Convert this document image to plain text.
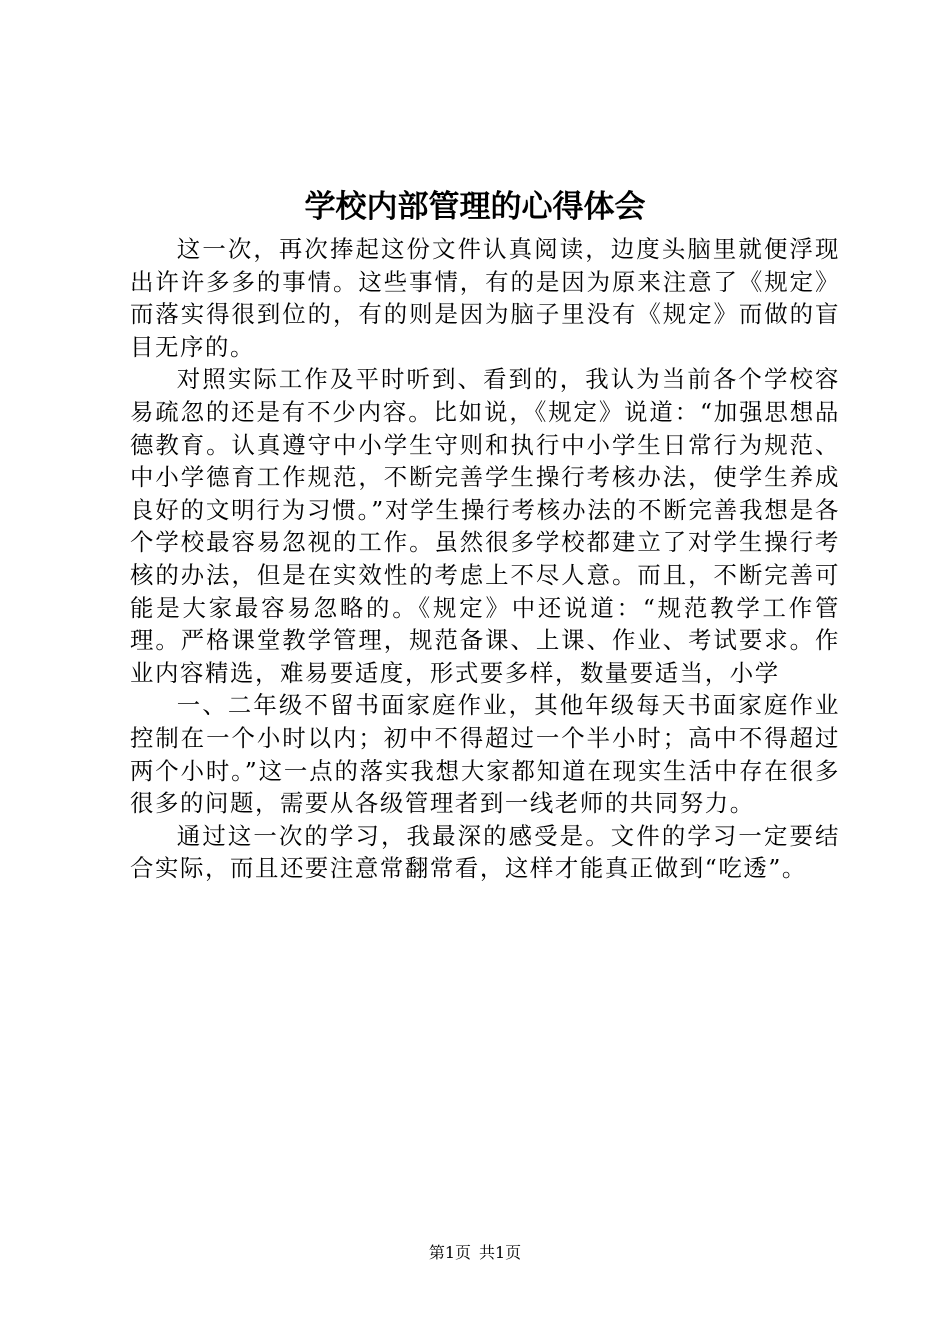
学校内部管理的心得体会

这一次，再次捧起这份文件认真阅读，边度头脑里就便浮现出许许多多的事情。这些事情，有的是因为原来注意了《规定》而落实得很到位的，有的则是因为脑子里没有《规定》而做的盲目无序的。

对照实际工作及平时听到、看到的，我认为当前各个学校容易疏忽的还是有不少内容。比如说，《规定》说道：“加强思想品德教育。认真遵守中小学生守则和执行中小学生日常行为规范、中小学德育工作规范，不断完善学生操行考核办法，使学生养成良好的文明行为习惯。”对学生操行考核办法的不断完善我想是各个学校最容易忽视的工作。虽然很多学校都建立了对学生操行考核的办法，但是在实效性的考虑上不尽人意。而且，不断完善可能是大家最容易忽略的。《规定》中还说道：“规范教学工作管理。严格课堂教学管理，规范备课、上课、作业、考试要求。作业内容精选，难易要适度，形式要多样，数量要适当，小学

一、二年级不留书面家庭作业，其他年级每天书面家庭作业控制在一个小时以内；初中不得超过一个半小时；高中不得超过两个小时。”这一点的落实我想大家都知道在现实生活中存在很多很多的问题，需要从各级管理者到一线老师的共同努力。

通过这一次的学习，我最深的感受是。文件的学习一定要结合实际，而且还要注意常翻常看，这样才能真正做到“吃透”。

第1页 共1页
